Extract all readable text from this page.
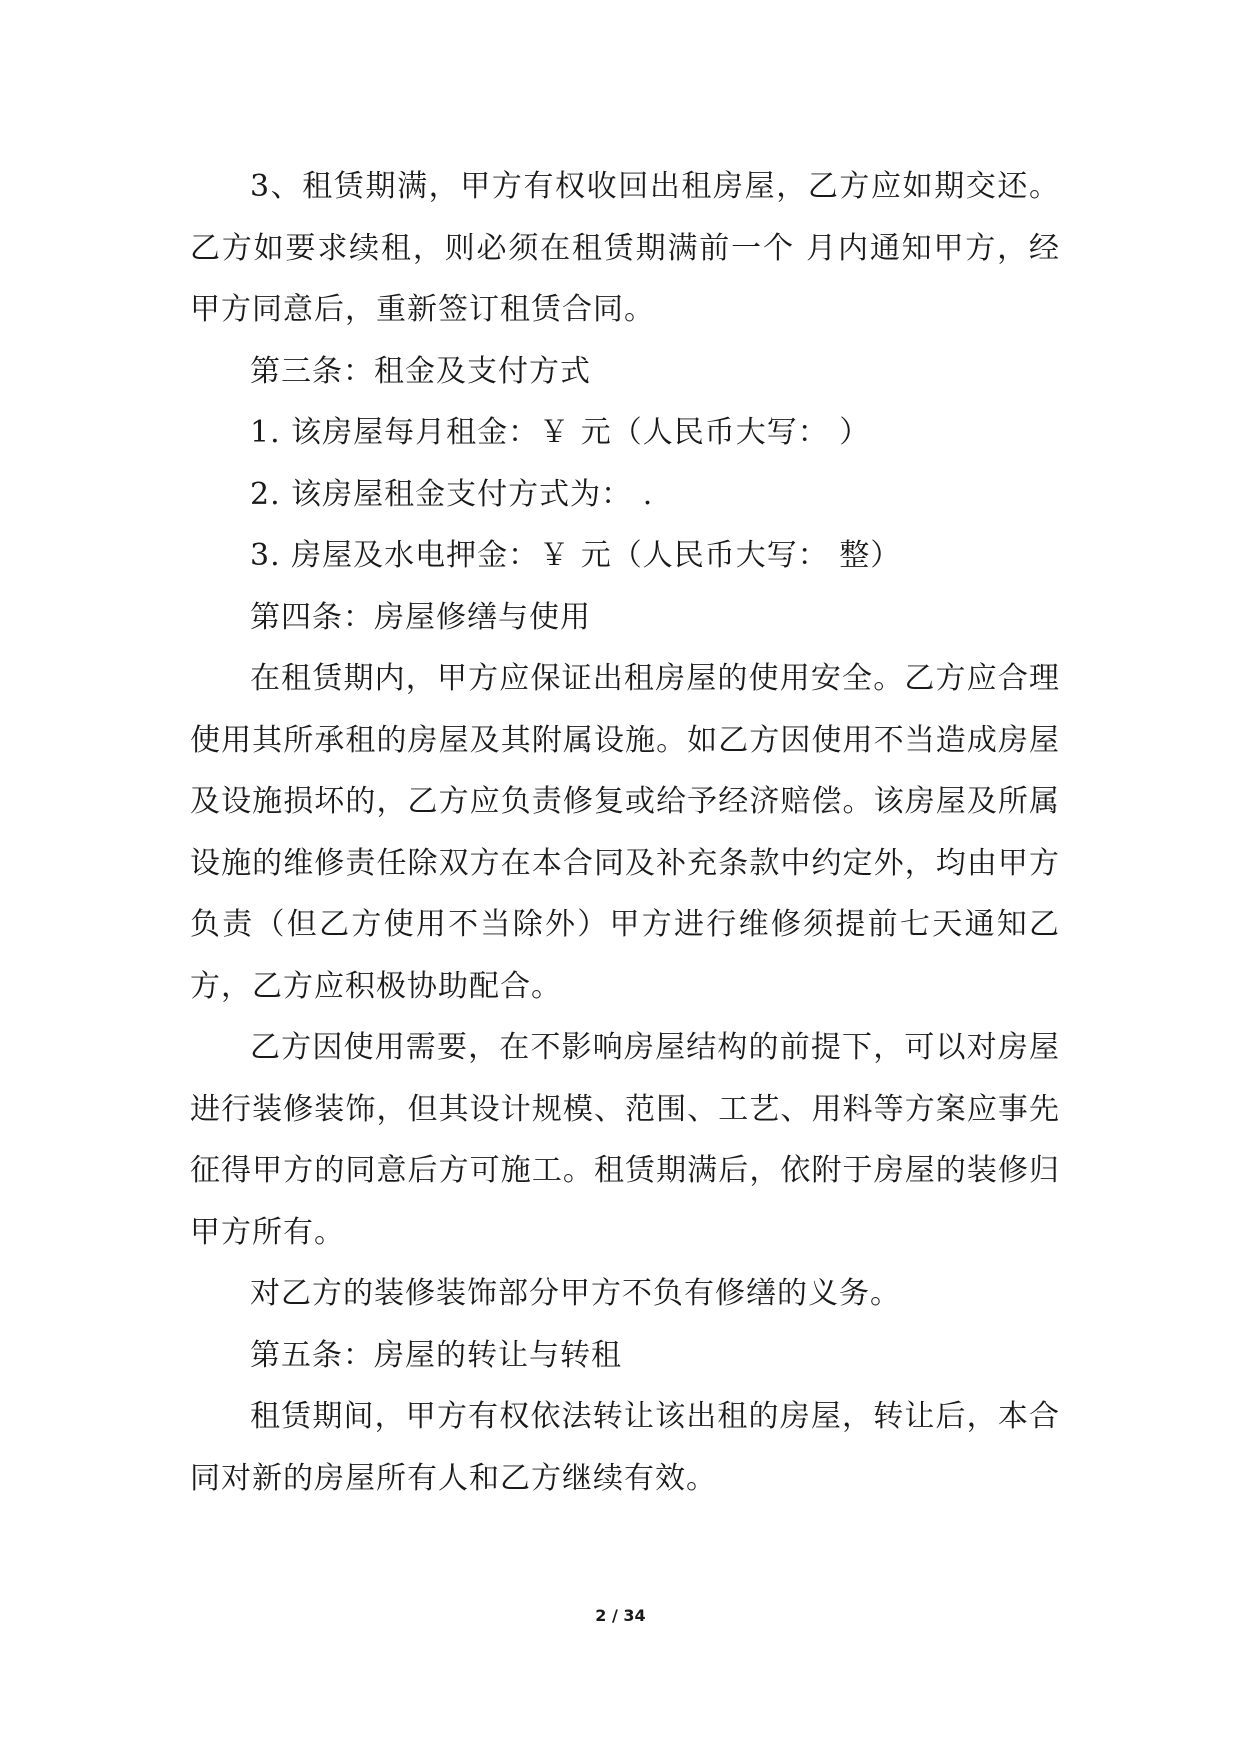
3、租赁期满，甲方有权收回出租房屋，乙方应如期交还。乙方如要求续租，则必须在租赁期满前一个 月内通知甲方，经甲方同意后，重新签订租赁合同。

第三条：租金及支付方式

1. 该房屋每月租金：￥ 元（人民币大写： ）

2. 该房屋租金支付方式为： .

3. 房屋及水电押金：￥ 元（人民币大写： 整）

第四条：房屋修缮与使用

在租赁期内，甲方应保证出租房屋的使用安全。乙方应合理使用其所承租的房屋及其附属设施。如乙方因使用不当造成房屋及设施损坏的，乙方应负责修复或给予经济赔偿。该房屋及所属设施的维修责任除双方在本合同及补充条款中约定外，均由甲方负责（但乙方使用不当除外）甲方进行维修须提前七天通知乙方，乙方应积极协助配合。

乙方因使用需要，在不影响房屋结构的前提下，可以对房屋进行装修装饰，但其设计规模、范围、工艺、用料等方案应事先征得甲方的同意后方可施工。租赁期满后，依附于房屋的装修归甲方所有。

对乙方的装修装饰部分甲方不负有修缮的义务。

第五条：房屋的转让与转租

租赁期间，甲方有权依法转让该出租的房屋，转让后，本合同对新的房屋所有人和乙方继续有效。

2 / 34
